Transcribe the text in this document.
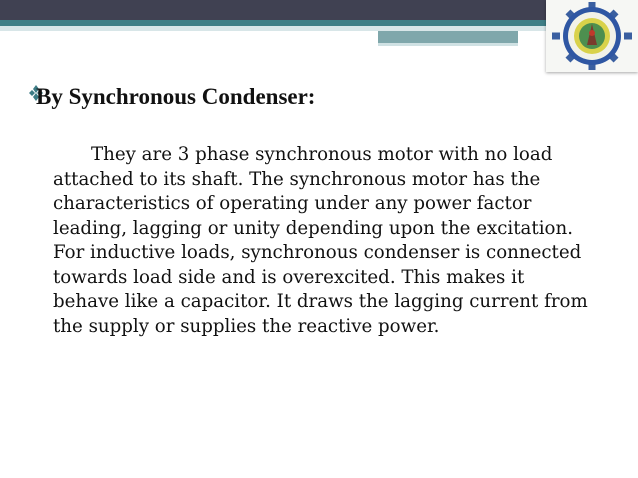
By Synchronous Condenser:
They are 3 phase synchronous motor with no load attached to its shaft. The synchronous motor has the characteristics of operating under any power factor leading, lagging or unity depending upon the excitation. For inductive loads, synchronous condenser is connected towards load side and is overexcited. This makes it behave like a capacitor. It draws the lagging current from the supply or supplies the reactive power.
